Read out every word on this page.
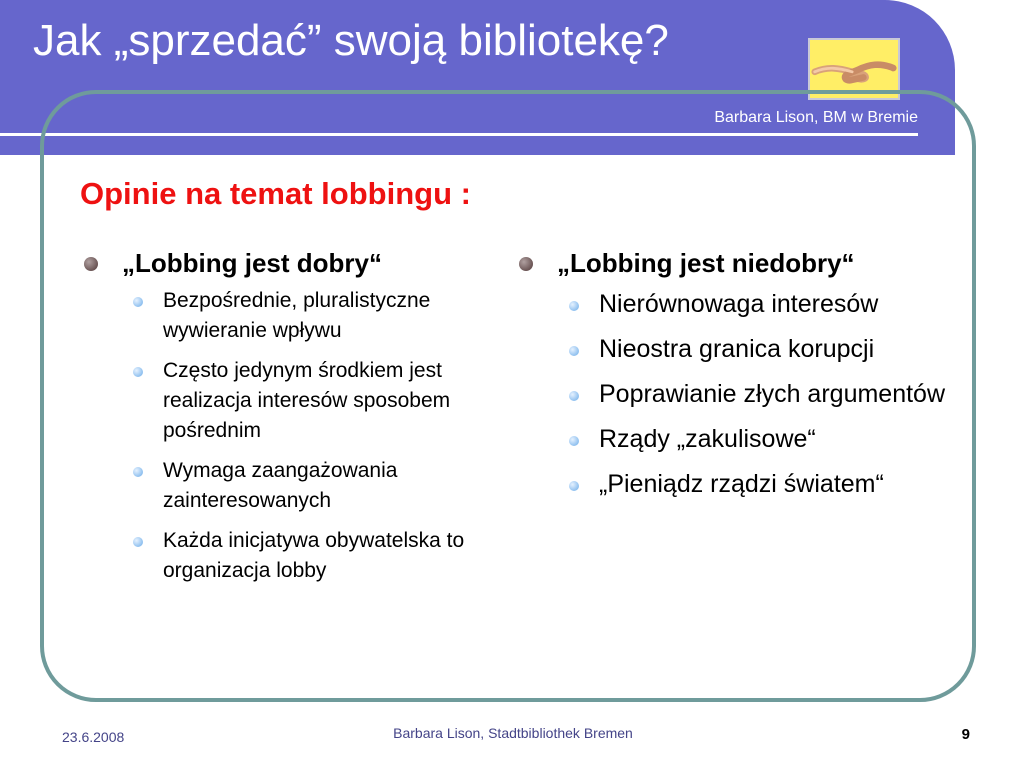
Jak „sprzedać” swoją bibliotekę?
Barbara Lison, BM w Bremie
Opinie na temat lobbingu :
„Lobbing jest dobry“
Bezpośrednie, pluralistyczne wywieranie wpływu
Często jedynym środkiem jest realizacja interesów sposobem pośrednim
Wymaga zaangażowania zainteresowanych
Każda inicjatywa obywatelska to organizacja lobby
„Lobbing jest niedobry“
Nierównowaga interesów
Nieostra granica korupcji
Poprawianie złych argumentów
Rządy „zakulisowe“
„Pieniądz rządzi światem“
23.6.2008	Barbara Lison, Stadtbibliothek Bremen	9
